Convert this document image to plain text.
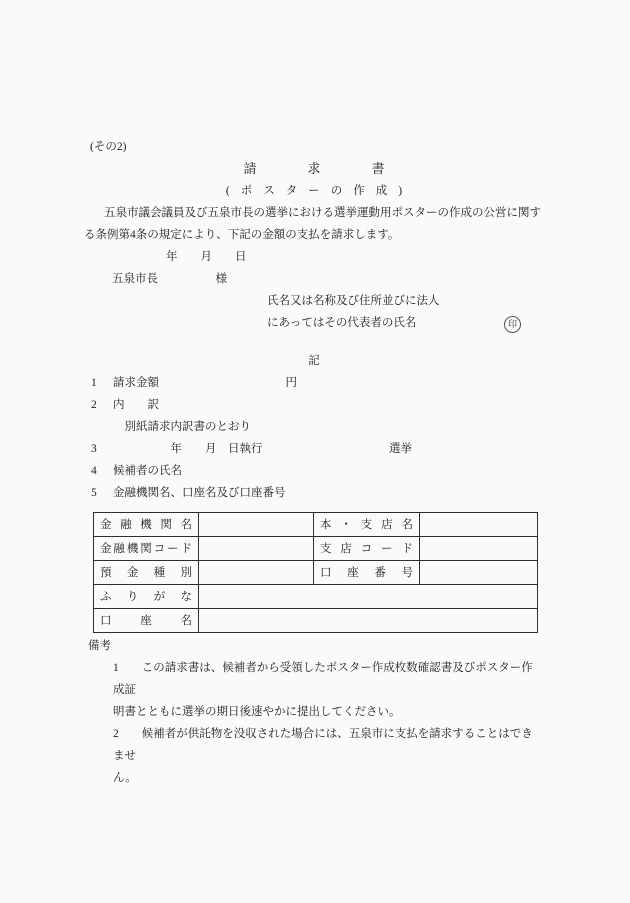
(その2)
請求書
(ポスターの作成)
五泉市議会議員及び五泉市長の選挙における選挙運動用ポスターの作成の公営に関す
る条例第4条の規定により、下記の金額の支払を請求します。
年　　月　　日
五泉市長　　　　　様
氏名又は名称及び住所並びに法人
にあってはその代表者の氏名	印
記
1	請求金額　　　　　　　　　　　円
2	内　　訳
　別紙請求内訳書のとおり
3	　　　　　年　　月　日執行　　　　　　　　　　　選挙
4	候補者の氏名
5	金融機関名、口座名及び口座番号
金融機関名		本・支店名	
金融機関コード		支店コード	
預金種別		口座番号	
ふりがな			
口座名			
備考
1　　この請求書は、候補者から受領したポスター作成枚数確認書及びポスター作成証
明書とともに選挙の期日後速やかに提出してください。
2　　候補者が供託物を没収された場合には、五泉市に支払を請求することはできませ
ん。
